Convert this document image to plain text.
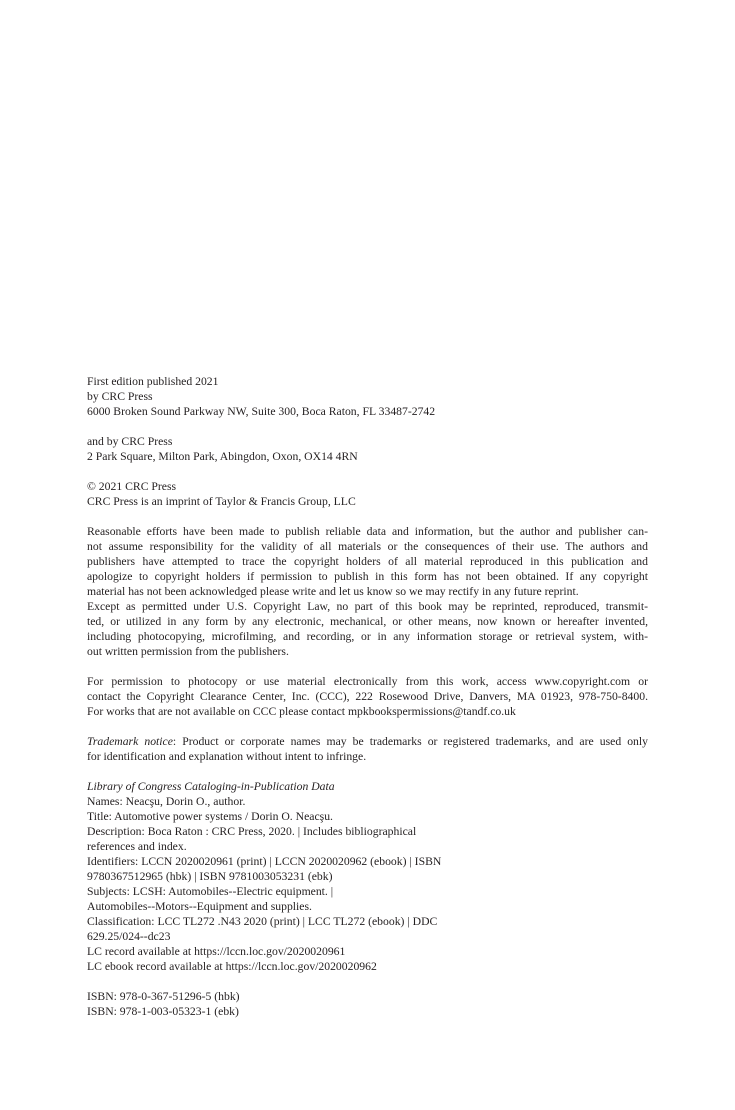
First edition published 2021
by CRC Press
6000 Broken Sound Parkway NW, Suite 300, Boca Raton, FL 33487-2742
and by CRC Press
2 Park Square, Milton Park, Abingdon, Oxon, OX14 4RN
© 2021 CRC Press
CRC Press is an imprint of Taylor & Francis Group, LLC
Reasonable efforts have been made to publish reliable data and information, but the author and publisher can-
not assume responsibility for the validity of all materials or the consequences of their use. The authors and
publishers have attempted to trace the copyright holders of all material reproduced in this publication and
apologize to copyright holders if permission to publish in this form has not been obtained. If any copyright
material has not been acknowledged please write and let us know so we may rectify in any future reprint.
Except as permitted under U.S. Copyright Law, no part of this book may be reprinted, reproduced, transmit-
ted, or utilized in any form by any electronic, mechanical, or other means, now known or hereafter invented,
including photocopying, microfilming, and recording, or in any information storage or retrieval system, with-
out written permission from the publishers.
For permission to photocopy or use material electronically from this work, access www.copyright.com or
contact the Copyright Clearance Center, Inc. (CCC), 222 Rosewood Drive, Danvers, MA 01923, 978-750-8400.
For works that are not available on CCC please contact mpkbookspermissions@tandf.co.uk
Trademark notice: Product or corporate names may be trademarks or registered trademarks, and are used only
for identification and explanation without intent to infringe.
Library of Congress Cataloging-in-Publication Data
Names: Neacşu, Dorin O., author.
Title: Automotive power systems / Dorin O. Neacşu.
Description: Boca Raton : CRC Press, 2020. | Includes bibliographical
references and index.
Identifiers: LCCN 2020020961 (print) | LCCN 2020020962 (ebook) | ISBN
9780367512965 (hbk) | ISBN 9781003053231 (ebk)
Subjects: LCSH: Automobiles--Electric equipment. |
Automobiles--Motors--Equipment and supplies.
Classification: LCC TL272 .N43 2020 (print) | LCC TL272 (ebook) | DDC
629.25/024--dc23
LC record available at https://lccn.loc.gov/2020020961
LC ebook record available at https://lccn.loc.gov/2020020962
ISBN: 978-0-367-51296-5 (hbk)
ISBN: 978-1-003-05323-1 (ebk)
